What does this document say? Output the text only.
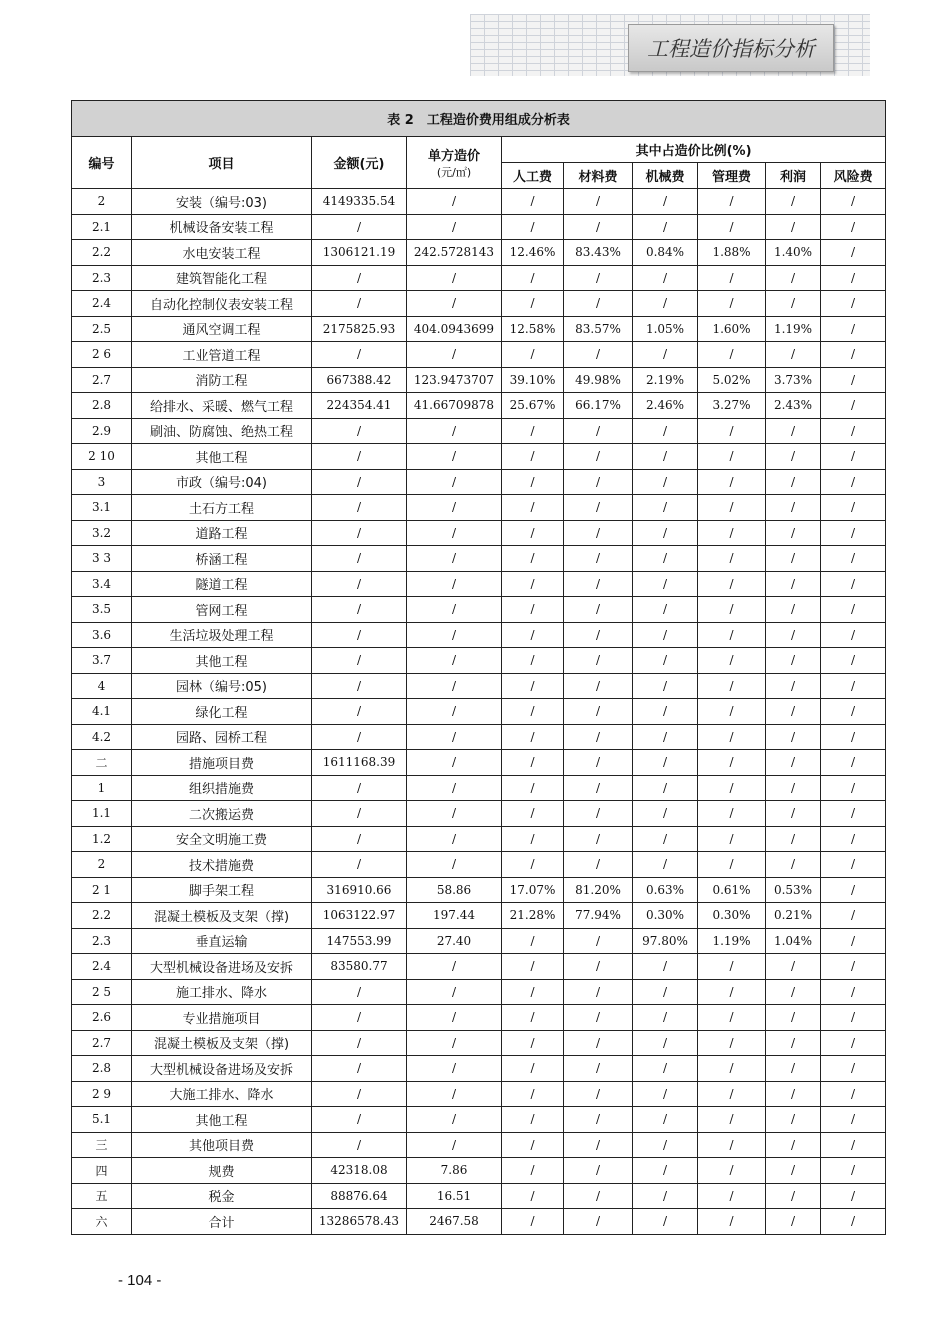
工程造价指标分析
表 2　工程造价费用组成分析表									
编号	项目	金额(元)	单方造价
(元/㎡)	其中占造价比例(%)					
				人工费	材料费	机械费	管理费	利润	风险费
2	安装（编号:03)	4149335.54	/	/	/	/	/	/	/
2.1	机械设备安装工程	/	/	/	/	/	/	/	/
2.2	水电安装工程	1306121.19	242.5728143	12.46%	83.43%	0.84%	1.88%	1.40%	/
2.3	建筑智能化工程	/	/	/	/	/	/	/	/
2.4	自动化控制仪表安装工程	/	/	/	/	/	/	/	/
2.5	通风空调工程	2175825.93	404.0943699	12.58%	83.57%	1.05%	1.60%	1.19%	/
2 6	工业管道工程	/	/	/	/	/	/	/	/
2.7	消防工程	667388.42	123.9473707	39.10%	49.98%	2.19%	5.02%	3.73%	/
2.8	给排水、采暖、燃气工程	224354.41	41.66709878	25.67%	66.17%	2.46%	3.27%	2.43%	/
2.9	刷油、防腐蚀、绝热工程	/	/	/	/	/	/	/	/
2 10	其他工程	/	/	/	/	/	/	/	/
3	市政（编号:04)	/	/	/	/	/	/	/	/
3.1	土石方工程	/	/	/	/	/	/	/	/
3.2	道路工程	/	/	/	/	/	/	/	/
3 3	桥涵工程	/	/	/	/	/	/	/	/
3.4	隧道工程	/	/	/	/	/	/	/	/
3.5	管网工程	/	/	/	/	/	/	/	/
3.6	生活垃圾处理工程	/	/	/	/	/	/	/	/
3.7	其他工程	/	/	/	/	/	/	/	/
4	园林（编号:05)	/	/	/	/	/	/	/	/
4.1	绿化工程	/	/	/	/	/	/	/	/
4.2	园路、园桥工程	/	/	/	/	/	/	/	/
二	措施项目费	1611168.39	/	/	/	/	/	/	/
1	组织措施费	/	/	/	/	/	/	/	/
1.1	二次搬运费	/	/	/	/	/	/	/	/
1.2	安全文明施工费	/	/	/	/	/	/	/	/
2	技术措施费	/	/	/	/	/	/	/	/
2 1	脚手架工程	316910.66	58.86	17.07%	81.20%	0.63%	0.61%	0.53%	/
2.2	混凝土模板及支架（撑)	1063122.97	197.44	21.28%	77.94%	0.30%	0.30%	0.21%	/
2.3	垂直运输	147553.99	27.40	/	/	97.80%	1.19%	1.04%	/
2.4	大型机械设备进场及安拆	83580.77	/	/	/	/	/	/	/
2 5	施工排水、降水	/	/	/	/	/	/	/	/
2.6	专业措施项目	/	/	/	/	/	/	/	/
2.7	混凝土模板及支架（撑)	/	/	/	/	/	/	/	/
2.8	大型机械设备进场及安拆	/	/	/	/	/	/	/	/
2 9	大施工排水、降水	/	/	/	/	/	/	/	/
5.1	其他工程	/	/	/	/	/	/	/	/
三	其他项目费	/	/	/	/	/	/	/	/
四	规费	42318.08	7.86	/	/	/	/	/	/
五	税金	88876.64	16.51	/	/	/	/	/	/
六	合计	13286578.43	2467.58	/	/	/	/	/	/
- 104 -
